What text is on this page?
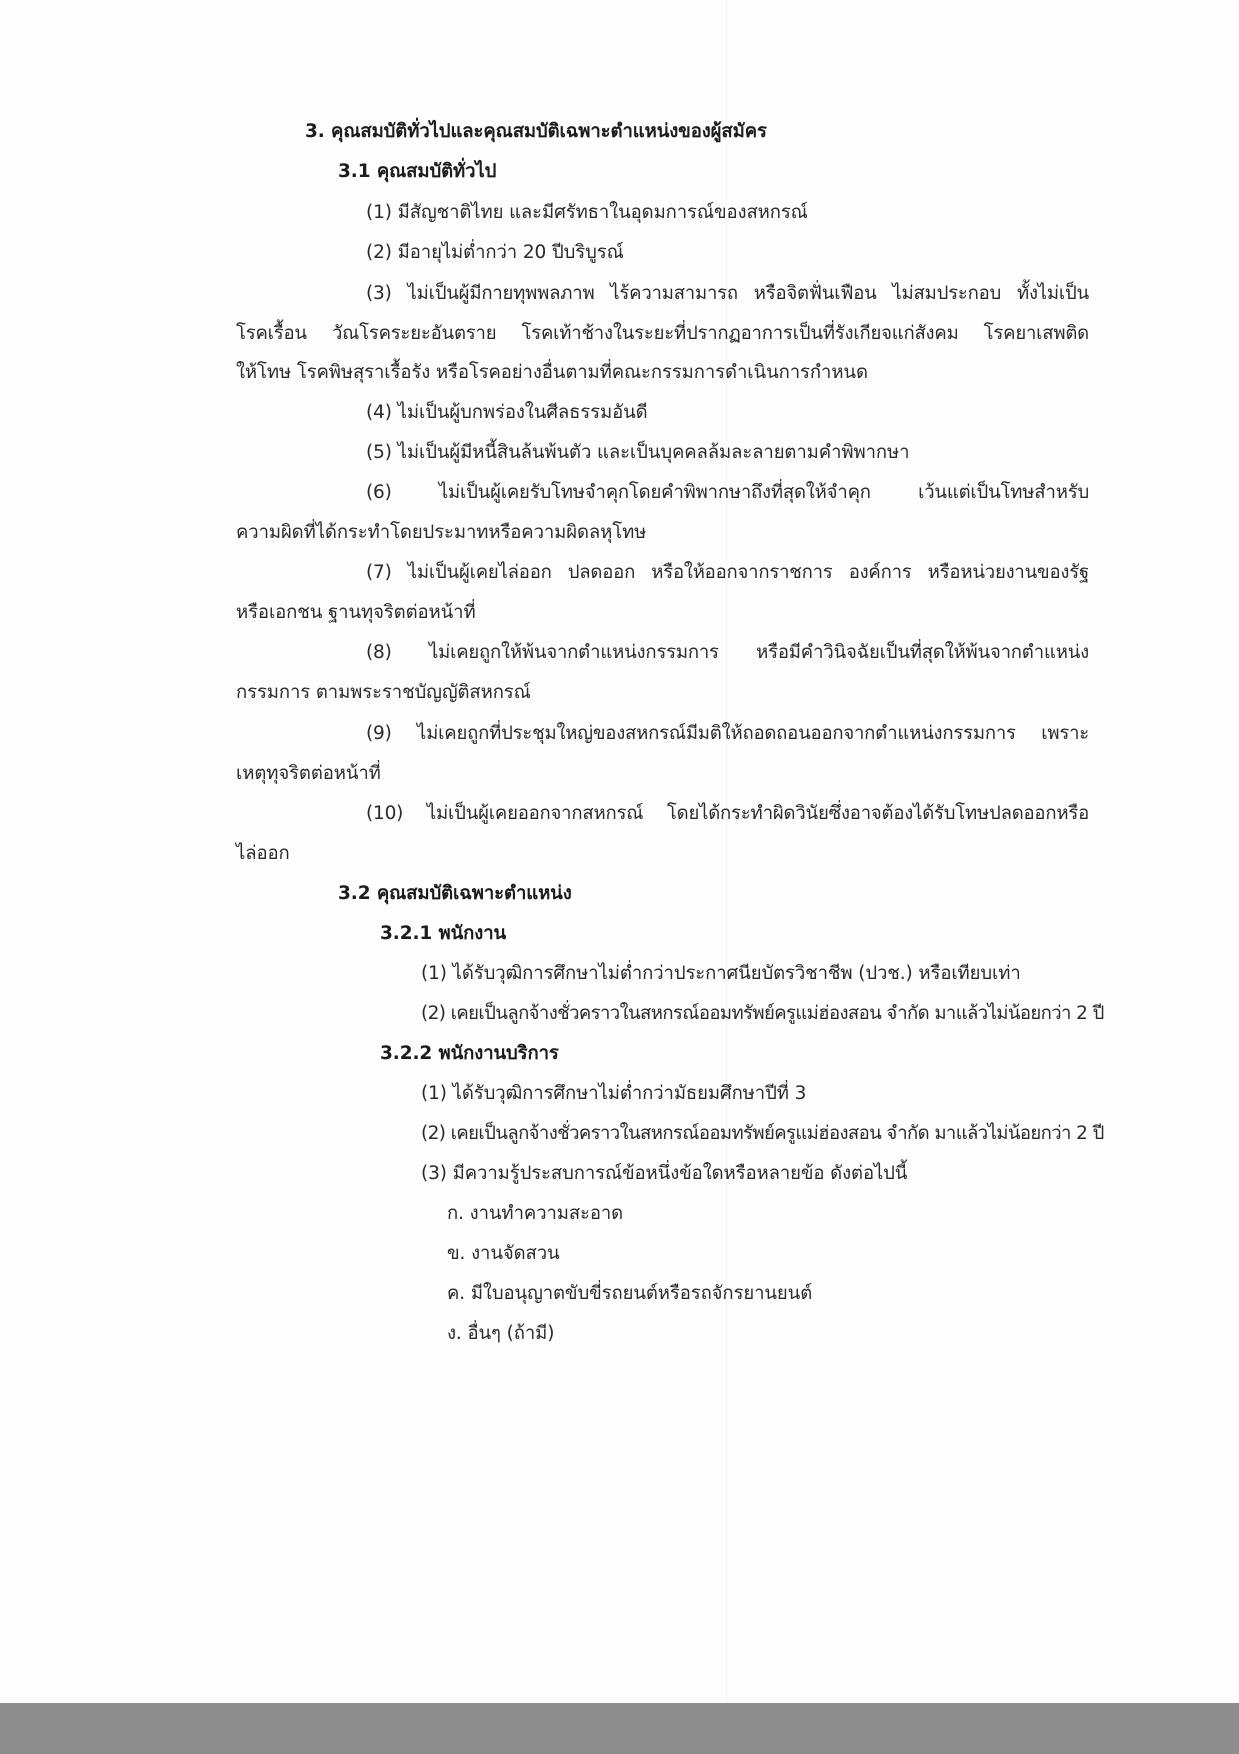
3. คุณสมบัติทั่วไปและคุณสมบัติเฉพาะตำแหน่งของผู้สมัคร
3.1 คุณสมบัติทั่วไป
(1) มีสัญชาติไทย และมีศรัทธาในอุดมการณ์ของสหกรณ์
(2) มีอายุไม่ต่ำกว่า 20 ปีบริบูรณ์
(3) ไม่เป็นผู้มีกายทุพพลภาพ ไร้ความสามารถ หรือจิตฟั่นเฟือน ไม่สมประกอบ ทั้งไม่เป็น
โรคเรื้อน วัณโรคระยะอันตราย โรคเท้าช้างในระยะที่ปรากฏอาการเป็นที่รังเกียจแก่สังคม โรคยาเสพติด
ให้โทษ โรคพิษสุราเรื้อรัง หรือโรคอย่างอื่นตามที่คณะกรรมการดำเนินการกำหนด
(4) ไม่เป็นผู้บกพร่องในศีลธรรมอันดี
(5) ไม่เป็นผู้มีหนี้สินล้นพ้นตัว และเป็นบุคคลล้มละลายตามคำพิพากษา
(6) ไม่เป็นผู้เคยรับโทษจำคุกโดยคำพิพากษาถึงที่สุดให้จำคุก เว้นแต่เป็นโทษสำหรับ
ความผิดที่ได้กระทำโดยประมาทหรือความผิดลหุโทษ
(7) ไม่เป็นผู้เคยไล่ออก ปลดออก หรือให้ออกจากราชการ องค์การ หรือหน่วยงานของรัฐ
หรือเอกชน ฐานทุจริตต่อหน้าที่
(8) ไม่เคยถูกให้พ้นจากตำแหน่งกรรมการ หรือมีคำวินิจฉัยเป็นที่สุดให้พ้นจากตำแหน่ง
กรรมการ ตามพระราชบัญญัติสหกรณ์
(9) ไม่เคยถูกที่ประชุมใหญ่ของสหกรณ์มีมติให้ถอดถอนออกจากตำแหน่งกรรมการ เพราะ
เหตุทุจริตต่อหน้าที่
(10) ไม่เป็นผู้เคยออกจากสหกรณ์ โดยได้กระทำผิดวินัยซึ่งอาจต้องได้รับโทษปลดออกหรือ
ไล่ออก
3.2 คุณสมบัติเฉพาะตำแหน่ง
3.2.1 พนักงาน
(1) ได้รับวุฒิการศึกษาไม่ต่ำกว่าประกาศนียบัตรวิชาชีพ (ปวช.) หรือเทียบเท่า
(2) เคยเป็นลูกจ้างชั่วคราวในสหกรณ์ออมทรัพย์ครูแม่ฮ่องสอน จำกัด มาแล้วไม่น้อยกว่า 2 ปี
3.2.2 พนักงานบริการ
(1) ได้รับวุฒิการศึกษาไม่ต่ำกว่ามัธยมศึกษาปีที่ 3
(2) เคยเป็นลูกจ้างชั่วคราวในสหกรณ์ออมทรัพย์ครูแม่ฮ่องสอน จำกัด มาแล้วไม่น้อยกว่า 2 ปี
(3) มีความรู้ประสบการณ์ข้อหนึ่งข้อใดหรือหลายข้อ ดังต่อไปนี้
ก. งานทำความสะอาด
ข. งานจัดสวน
ค. มีใบอนุญาตขับขี่รถยนต์หรือรถจักรยานยนต์
ง. อื่นๆ (ถ้ามี)
